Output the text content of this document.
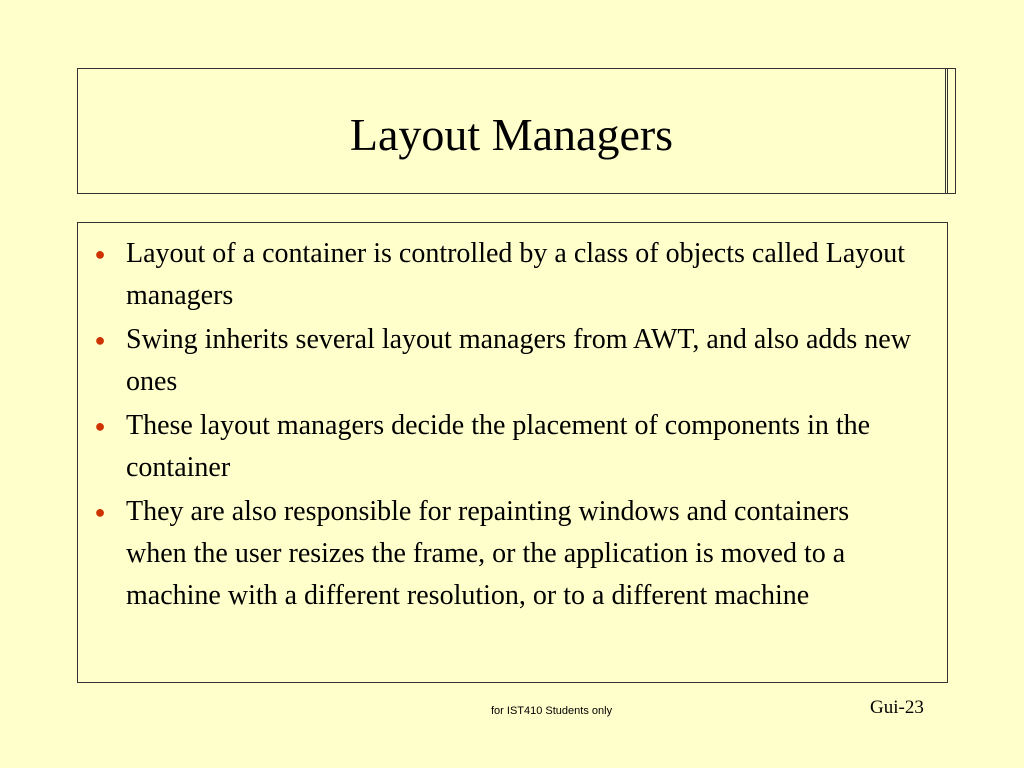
Layout Managers
● Layout of a container is controlled by a class of objects called Layout managers
● Swing inherits several layout managers from AWT, and also adds new ones
● These layout managers decide the placement of components in the container
● They are also responsible for repainting windows and containers when the user resizes the frame, or the application is moved to a machine with a different resolution, or to a different machine
for IST410 Students only	Gui-23
